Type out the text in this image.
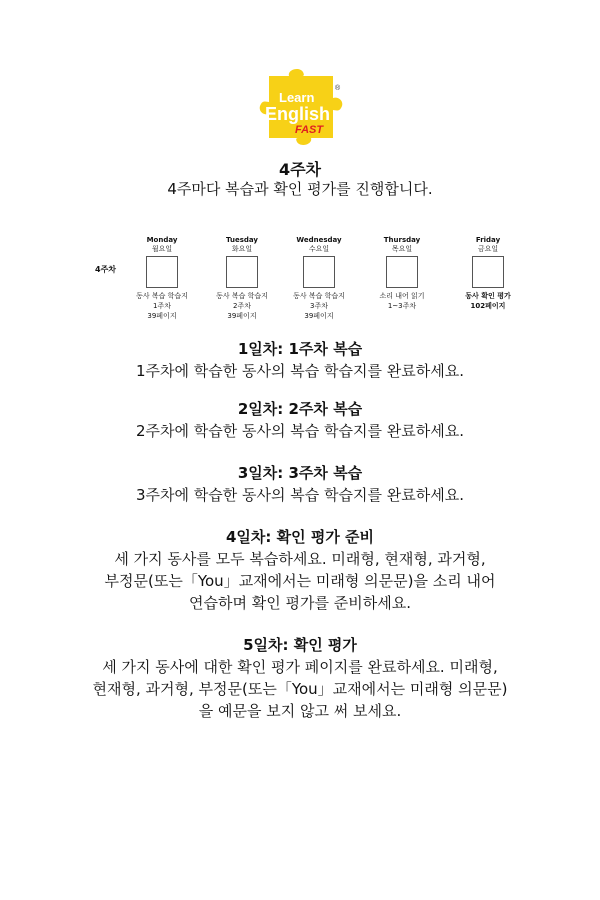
Learn
English
®
FAST
4주차
4주마다 복습과 확인 평가를 진행합니다.
4주차
Monday
월요일
동사 복습 학습지
1주차
39페이지
Tuesday
화요일
동사 복습 학습지
2주차
39페이지
Wednesday
수요일
동사 복습 학습지
3주차
39페이지
Thursday
목요일
소리 내어 읽기
1~3주차
Friday
금요일
동사 확인 평가
102페이지
1일차: 1주차 복습
1주차에 학습한 동사의 복습 학습지를 완료하세요.
2일차: 2주차 복습
2주차에 학습한 동사의 복습 학습지를 완료하세요.
3일차: 3주차 복습
3주차에 학습한 동사의 복습 학습지를 완료하세요.
4일차: 확인 평가 준비
세 가지 동사를 모두 복습하세요. 미래형, 현재형, 과거형,
부정문(또는「You」교재에서는 미래형 의문문)을 소리 내어
연습하며 확인 평가를 준비하세요.
5일차: 확인 평가
세 가지 동사에 대한 확인 평가 페이지를 완료하세요. 미래형,
현재형, 과거형, 부정문(또는「You」교재에서는 미래형 의문문)
을 예문을 보지 않고 써 보세요.
